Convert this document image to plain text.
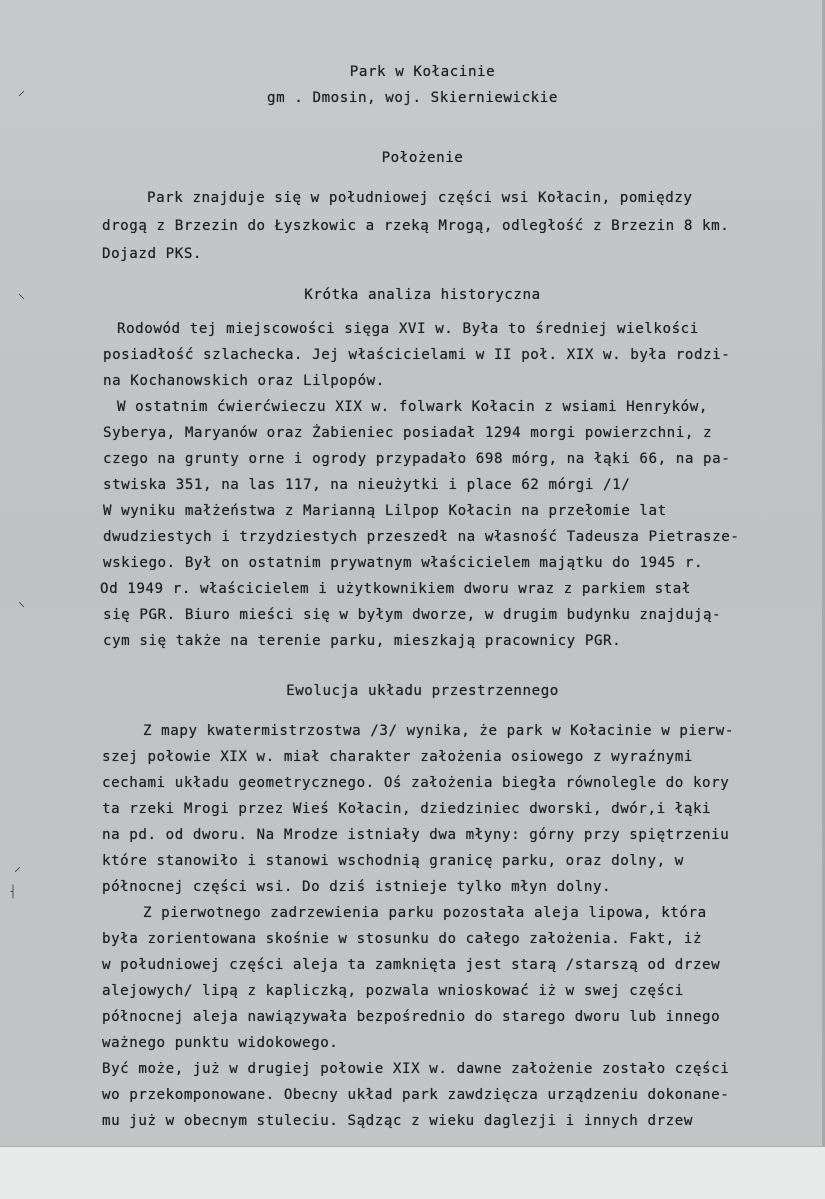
⸝
⸜
⸜
⸝
⸡
Park w Kołacinie
gm . Dmosin, woj. Skierniewickie
Położenie
Park znajduje się w południowej części wsi Kołacin, pomiędzy
drogą z Brzezin do Łyszkowic a rzeką Mrogą, odległość z Brzezin 8 km.
Dojazd PKS.
Krótka analiza historyczna
Rodowód tej miejscowości sięga XVI w. Była to średniej wielkości
posiadłość szlachecka. Jej właścicielami w II poł. XIX w. była rodzi-
na Kochanowskich oraz Lilpopów.
W ostatnim ćwierćwieczu XIX w. folwark Kołacin z wsiami Henryków,
Syberya, Maryanów oraz Żabieniec posiadał 1294 morgi powierzchni, z
czego na grunty orne i ogrody przypadało 698 mórg, na łąki 66, na pa-
stwiska 351, na las 117, na nieużytki i place 62 mórgi /1/
W wyniku małżeństwa z Marianną Lilpop Kołacin na przełomie lat
dwudziestych i trzydziestych przeszedł na własność Tadeusza Pietrasze-
wskiego. Był on ostatnim prywatnym właścicielem majątku do 1945 r.
Od 1949 r. właścicielem i użytkownikiem dworu wraz z parkiem stał
się PGR. Biuro mieści się w byłym dworze, w drugim budynku znajdują-
cym się także na terenie parku, mieszkają pracownicy PGR.
Ewolucja układu przestrzennego
Z mapy kwatermistrzostwa /3/ wynika, że park w Kołacinie w pierw-
szej połowie XIX w. miał charakter założenia osiowego z wyraźnymi
cechami układu geometrycznego. Oś założenia biegła równolegle do kory
ta rzeki Mrogi przez Wieś Kołacin, dziedziniec dworski, dwór,i łąki
na pd. od dworu. Na Mrodze istniały dwa młyny: górny przy spiętrzeniu
które stanowiło i stanowi wschodnią granicę parku, oraz dolny, w
północnej części wsi. Do dziś istnieje tylko młyn dolny.
Z pierwotnego zadrzewienia parku pozostała aleja lipowa, która
była zorientowana skośnie w stosunku do całego założenia. Fakt, iż
w południowej części aleja ta zamknięta jest starą /starszą od drzew
alejowych/ lipą z kapliczką, pozwala wnioskować iż w swej części
północnej aleja nawiązywała bezpośrednio do starego dworu lub innego
ważnego punktu widokowego.
Być może, już w drugiej połowie XIX w. dawne założenie zostało części
wo przekomponowane. Obecny układ park zawdzięcza urządzeniu dokonane-
mu już w obecnym stuleciu. Sądząc z wieku daglezji i innych drzew
